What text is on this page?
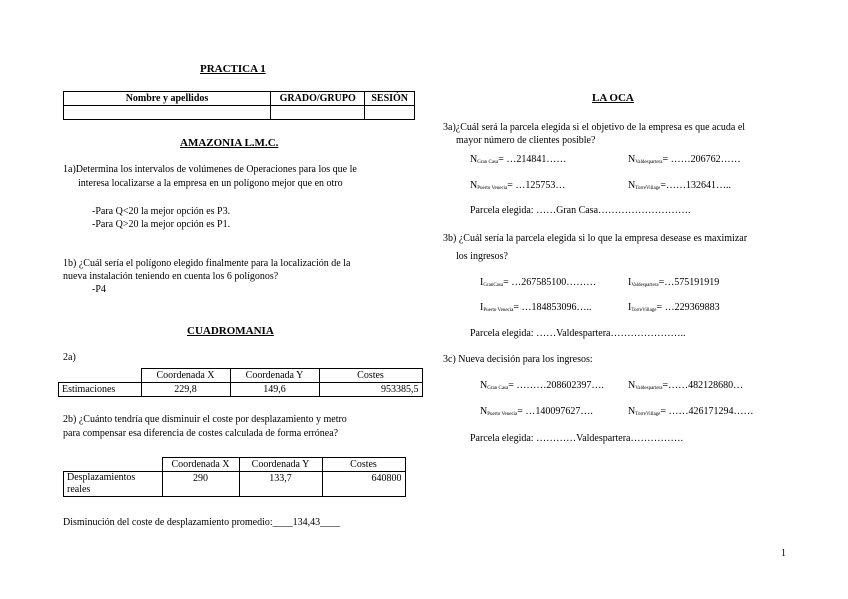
PRACTICA 1
Nombre y apellidos	GRADO/GRUPO	SESIÓN

AMAZONIA L.M.C.
1a)Determina los intervalos de volúmenes de Operaciones para los que le
interesa localizarse a la empresa en un polígono mejor que en otro
-Para Q<20 la mejor opción es P3.
-Para Q>20 la mejor opción es P1.
1b) ¿Cuál sería el polígono elegido finalmente para la localización de la
nueva instalación teniendo en cuenta los 6 polígonos?
-P4
CUADROMANIA
2a)
	Coordenada X	Coordenada Y	Costes
Estimaciones	229,8	149,6	953385,5
2b) ¿Cuánto tendría que disminuir el coste por desplazamiento y metro
para compensar esa diferencia de costes calculada de forma errónea?
	Coordenada X	Coordenada Y	Costes
Desplazamientos
reales	290	133,7	640800
Disminución del coste de desplazamiento promedio:____134,43____
LA OCA
3a)¿Cuál será la parcela elegida si el objetivo de la empresa es que acuda el
mayor número de clientes posible?
$N_{Gran Casa}=$ …214841……	$N_{Valdespartera}=$ ……206762……
$N_{Puerto Venecia}=$ …125753…	$N_{TorreVillage}=\dots\dots 132641\dots$..
Parcela elegida: ……Gran Casa……………………….
3b) ¿Cuál sería la parcela elegida si lo que la empresa desease es maximizar
los ingresos?
$I_{GranCasa}=$ …267585100………	$I_{Valdespartera}=\dots 575191919$
$I_{Puerto Venecia}=$ …184853096…..	$I_{TorreVillage}=$ …229369883
Parcela elegida: ……Valdespartera…………………..
3c) Nueva decisión para los ingresos:
$N_{Gran Casa}=$ ………208602397…. $N_{Valdespartera}=\dots\dots 482128680\dots$
$N_{Puerto Venecia}=$ …140097627….	$N_{TorreVillage}=$ ……426171294……
Parcela elegida: …………Valdespartera…………….
1
